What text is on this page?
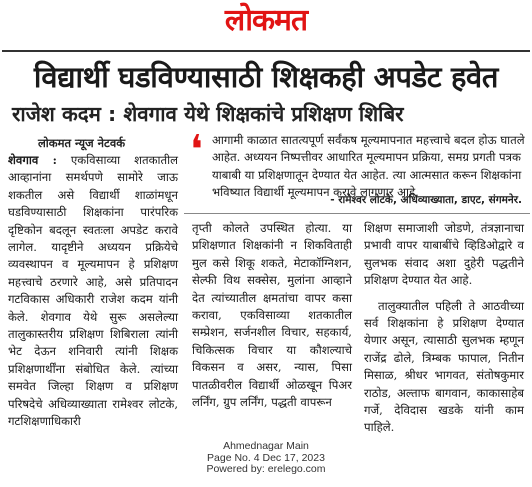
लोकमत
विद्यार्थी घडविण्यासाठी शिक्षकही अपडेट हवेत
राजेश कदम : शेवगाव येथे शिक्षकांचे प्रशिक्षण शिबिर
लोकमत न्यूज नेटवर्क

शेवगाव : एकविसाव्या शतकातील आव्हानांना समर्थपणे सामोरे जाऊ शकतील असे विद्यार्थी शाळांमधून घडविण्यासाठी शिक्षकांना पारंपरिक दृष्टिकोन बदलून स्वतःला अपडेट करावे लागेल. यादृष्टीने अध्ययन प्रक्रियेचे व्यवस्थापन व मूल्यमापन हे प्रशिक्षण महत्त्वाचे ठरणारे आहे, असे प्रतिपादन गटविकास अधिकारी राजेश कदम यांनी केले. शेवगाव येथे सुरू असलेल्या तालुकास्तरीय प्रशिक्षण शिबिराला त्यांनी भेट देऊन शनिवारी त्यांनी शिक्षक प्रशिक्षणार्थींना संबोधित केले. त्यांच्या समवेत जिल्हा शिक्षण व प्रशिक्षण परिषदेचे अधिव्याख्याता रामेश्वर लोटके, गटशिक्षणाधिकारी

❛ आगामी काळात सातत्यपूर्ण सर्वंकष मूल्यमापनात महत्त्वाचे बदल होऊ घातले आहेत. अध्ययन निष्पत्तीवर आधारित मूल्यमापन प्रक्रिया, समग्र प्रगती पत्रक याबाबी या प्रशिक्षणातून देण्यात येत आहेत. त्या आत्मसात करून शिक्षकांना भविष्यात विद्यार्थी मूल्यमापन करावे लागणार आहे.
- रामेश्वर लोटके, अधिव्याख्याता, डाएट, संगमनेर.

तृप्ती कोलते उपस्थित होत्या. या प्रशिक्षणात शिक्षकांनी न शिकविताही मुल कसे शिकू शकते, मेटाकॉग्निशन, सेल्फी विथ सक्सेस, मुलांना आव्हाने देत त्यांच्यातील क्षमतांचा वापर कसा करावा, एकविसाव्या शतकातील सम्प्रेशन, सर्जनशील विचार, सहकार्य, चिकित्सक विचार या कौशल्याचे विकसन व असर, न्यास, पिसा पातळीवरील विद्यार्थी ओळखून पिअर लर्निंग, ग्रुप लर्निंग, पद्धती वापरून

शिक्षण समाजाशी जोडणे, तंत्रज्ञानाचा प्रभावी वापर याबाबींचे व्हिडिओद्वारे व सुलभक संवाद अशा दुहेरी पद्धतीने प्रशिक्षण देण्यात येत आहे.

तालुक्यातील पहिली ते आठवीच्या सर्व शिक्षकांना हे प्रशिक्षण देण्यात येणार असून, त्यासाठी सुलभक म्हणून राजेंद्र ढोले, त्रिम्बक फापाल, नितीन मिसाळ, श्रीधर भागवत, संतोषकुमार राठोड, अल्ताफ बागवान, काकासाहेब गर्जे, देविदास खडके यांनी काम पाहिले.

Ahmednagar Main
Page No. 4 Dec 17, 2023
Powered by: erelego.com
